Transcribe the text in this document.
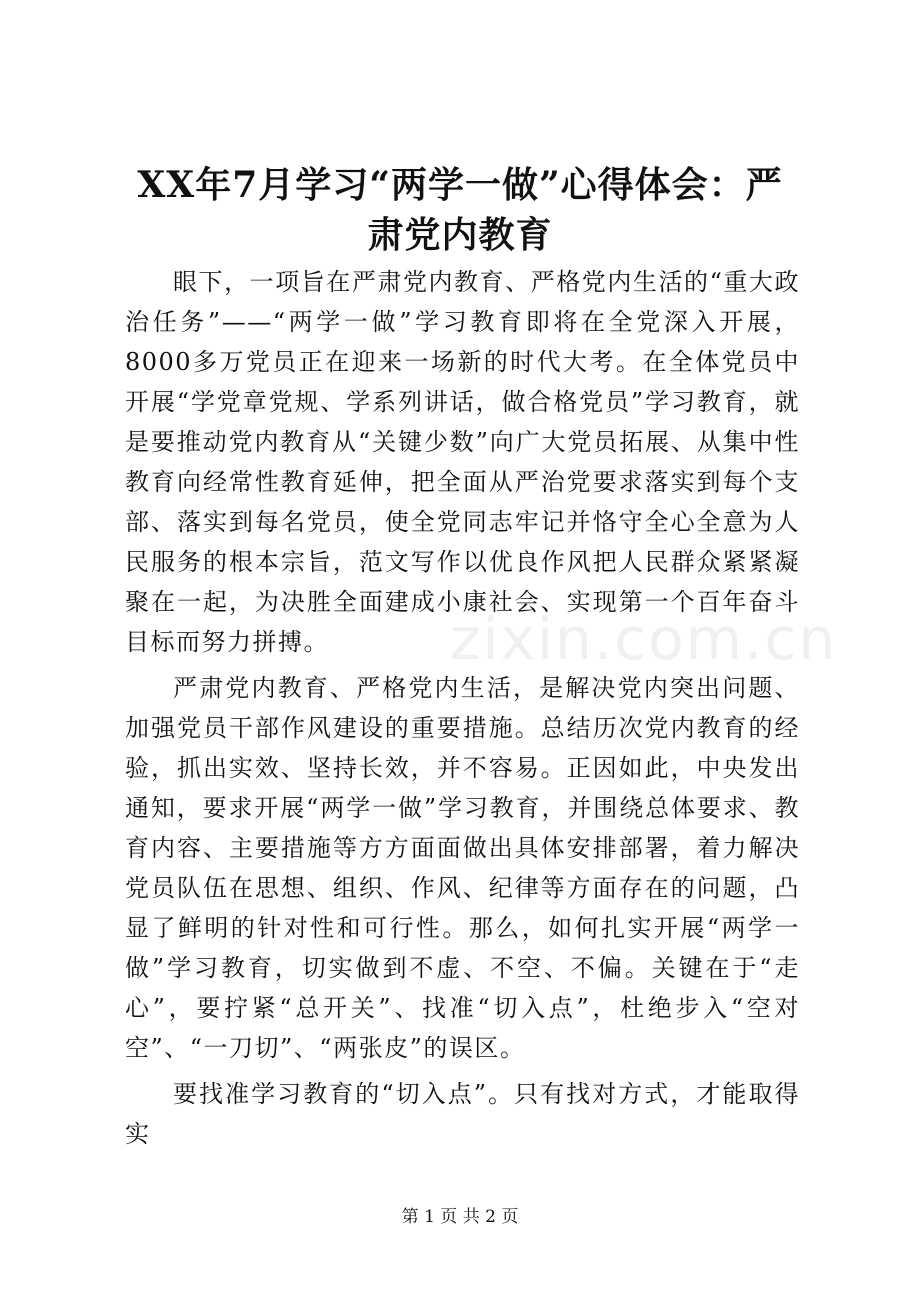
XX年7月学习“两学一做”心得体会：严肃党内教育

眼下，一项旨在严肃党内教育、严格党内生活的“重大政治任务”——“两学一做”学习教育即将在全党深入开展，8000多万党员正在迎来一场新的时代大考。在全体党员中开展“学党章党规、学系列讲话，做合格党员”学习教育，就是要推动党内教育从“关键少数”向广大党员拓展、从集中性教育向经常性教育延伸，把全面从严治党要求落实到每个支部、落实到每名党员，使全党同志牢记并恪守全心全意为人民服务的根本宗旨，范文写作以优良作风把人民群众紧紧凝聚在一起，为决胜全面建成小康社会、实现第一个百年奋斗目标而努力拼搏。

严肃党内教育、严格党内生活，是解决党内突出问题、加强党员干部作风建设的重要措施。总结历次党内教育的经验，抓出实效、坚持长效，并不容易。正因如此，中央发出通知，要求开展“两学一做”学习教育，并围绕总体要求、教育内容、主要措施等方方面面做出具体安排部署，着力解决党员队伍在思想、组织、作风、纪律等方面存在的问题，凸显了鲜明的针对性和可行性。那么，如何扎实开展“两学一做”学习教育，切实做到不虚、不空、不偏。关键在于“走心”，要拧紧“总开关”、找准“切入点”，杜绝步入“空对空”、“一刀切”、“两张皮”的误区。

要找准学习教育的“切入点”。只有找对方式，才能取得实

zixin.com.cn
第 1 页 共 2 页
